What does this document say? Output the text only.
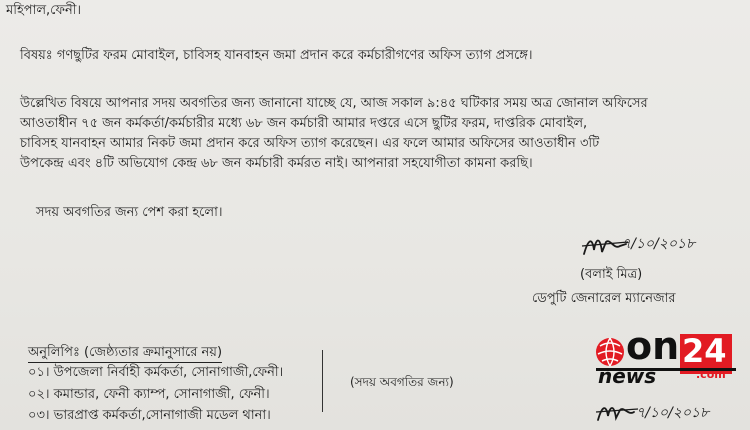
মহিপাল,ফেনী।
বিষয়ঃ গণছুটির ফরম মোবাইল, চাবিসহ যানবাহন জমা প্রদান করে কর্মচারীগণের অফিস ত্যাগ প্রসঙ্গে।
উল্লেখিত বিষয়ে আপনার সদয় অবগতির জন্য জানানো যাচ্ছে যে, আজ সকাল ৯:৪৫ ঘটিকার সময় অত্র জোনাল অফিসের
আওতাধীন ৭৫ জন কর্মকর্তা/কর্মচারীর মধ্যে ৬৮ জন কর্মচারী আমার দপ্তরে এসে ছুটির ফরম, দাপ্তরিক মোবাইল,
চাবিসহ যানবাহন আমার নিকট জমা প্রদান করে অফিস ত্যাগ করেছেন। এর ফলে আমার অফিসের আওতাধীন ৩টি
উপকেন্দ্র এবং ৪টি অভিযোগ কেন্দ্র ৬৮ জন কর্মচারী কর্মরত নাই। আপনারা সহযোগীতা কামনা করছি।
সদয় অবগতির জন্য পেশ করা হলো।
৭/১০/২০১৮
(বলাই মিত্র)
ডেপুটি জেনারেল ম্যানেজার
অনুলিপিঃ (জেষ্ঠ্যতার ক্রমানুসারে নয়)
০১। উপজেলা নির্বাহী কর্মকর্তা, সোনাগাজী,ফেনী।
০২। কমান্ডার, ফেনী ক্যাম্প, সোনাগাজী, ফেনী।
০৩। ভারপ্রাপ্ত কর্মকর্তা,সোনাগাজী মডেল থানা।
(সদয় অবগতির জন্য)
৭/১০/২০১৮
on 24
news	.com
